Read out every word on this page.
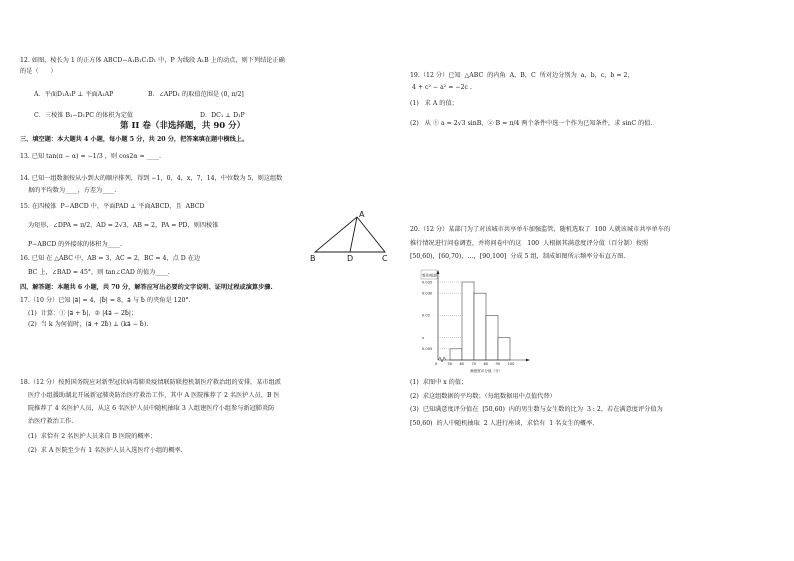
12. 如图，棱长为 1 的正方体 ABCD−A₁B₁C₁D₁ 中，P 为线段 A₁B 上的动点，则下列结论正确
的是（      ）
A．平面D₁A₁P ⊥ 平面A₁AP	B．∠APD₁ 的取值范围是 (0, π/2]
C．三棱锥 B₁−D₁PC 的体积为定值	D．DC₁ ⊥ D₁P
第 II 卷（非选择题，共 90 分）
三、填空题：本大题共 4 小题，每小题 5 分，共 20 分，把答案填在题中横线上。
13. 已知 tan(π − α) = −1/3 ，则 cos2α = ____.
14. 已知一组数据按从小到大的顺序排列，得到 −1，0，4，x，7，14，中位数为 5，则这组数
据的平均数为____，方差为____.
15. 在四棱锥  P−ABCD 中，平面PAD ⊥ 平面ABCD，且  ABCD
为矩形，∠DPA = π/2，AD = 2√3，AB = 2，PA = PD，则四棱锥
P−ABCD 的外接球的体积为____.
16. 已知 在 △ABC 中，AB = 3，AC = 2，BC = 4，点 D 在边
BC 上，∠BAD = 45°，则 tan∠CAD 的值为____.
四、解答题：本题共 6 小题，共 70 分，解答应写出必要的文字说明、证明过程或演算步骤.
17.（10 分）已知 |a⃗| = 4，|b⃗| = 8，a⃗ 与 b⃗ 的夹角是 120°.
(1)  计算：① |a⃗ + b⃗|，② |4a⃗ − 2b⃗|；
(2)  当 k 为何值时，(a⃗ + 2b⃗) ⊥ (ka⃗ − b⃗).
18.（12 分）按照国务院应对新型冠状病毒肺炎疫情联防联控机制医疗救治组的安排，某市组派
医疗小组援助湖北开展新冠肺炎防治医疗救治工作，其中 A 医院推荐了 2 名医护人员，B 医
院推荐了 4 名医护人员，从这 6 名医护人员中随机抽取 3 人组建医疗小组参与新冠肺炎防
治医疗救治工作.
(1)  求恰有 2 名医护人员来自 B 医院的概率；
(2)  求 A 医院至少有 1 名医护人员入选医疗小组的概率.
A
B	D	C
19.（12 分）已知  △ABC  的内角  A，B，C  所对边分别为  a，b，c，b = 2，
4 + c² − a² = −2c .
(1)   求 A 的值；
(2)   从 ① a = 2√3 sinB，② B = π/4 两个条件中选一个作为已知条件，求 sinC 的值.
20.（12 分）某部门为了对该城市共享单车加强监管，随机选取了  100 人就该城市共享单车的
推行情况进行问卷调查，并将问卷中的这   100  人根据其满意度评分值（百分制）按照
[50,60)，[60,70)，…，[90,100]  分成 5 组，制成如图所示频率分布直方图.
(1)  求图中 x 的值；
(2)  求这组数据的平均数；（每组数据用中点值代替）
(3)  已知满意度评分值在  [50,60)  内的男生数与女生数的比为  3 : 2，若在满意度评分值为
[50,60)  的人中随机抽取  2 人进行座谈，求恰有  1 名女生的概率.
频率/组距
0.035
0.030
0.02
x
0.005
0	50 60 70 80 90 100
满意度评分值（分）
